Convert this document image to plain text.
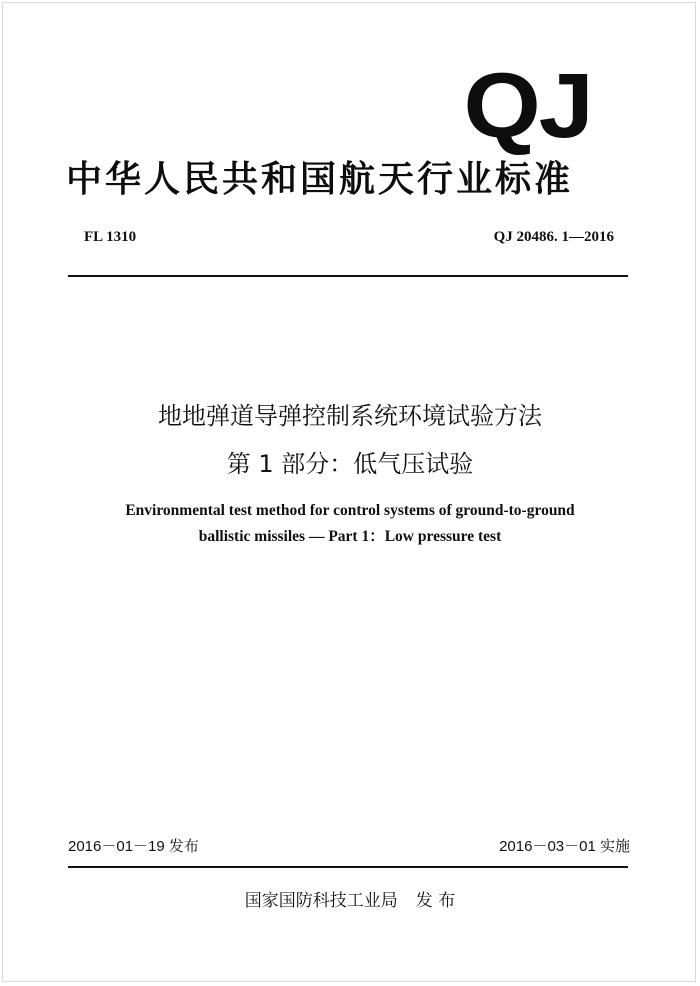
QJ
中华人民共和国航天行业标准
FL 1310	QJ 20486. 1—2016
地地弹道导弹控制系统环境试验方法
第 1 部分：低气压试验
Environmental test method for control systems of ground-to-ground
ballistic missiles — Part 1：Low pressure test
2016－01－19 发布	2016－03－01 实施
国家国防科技工业局 发 布
